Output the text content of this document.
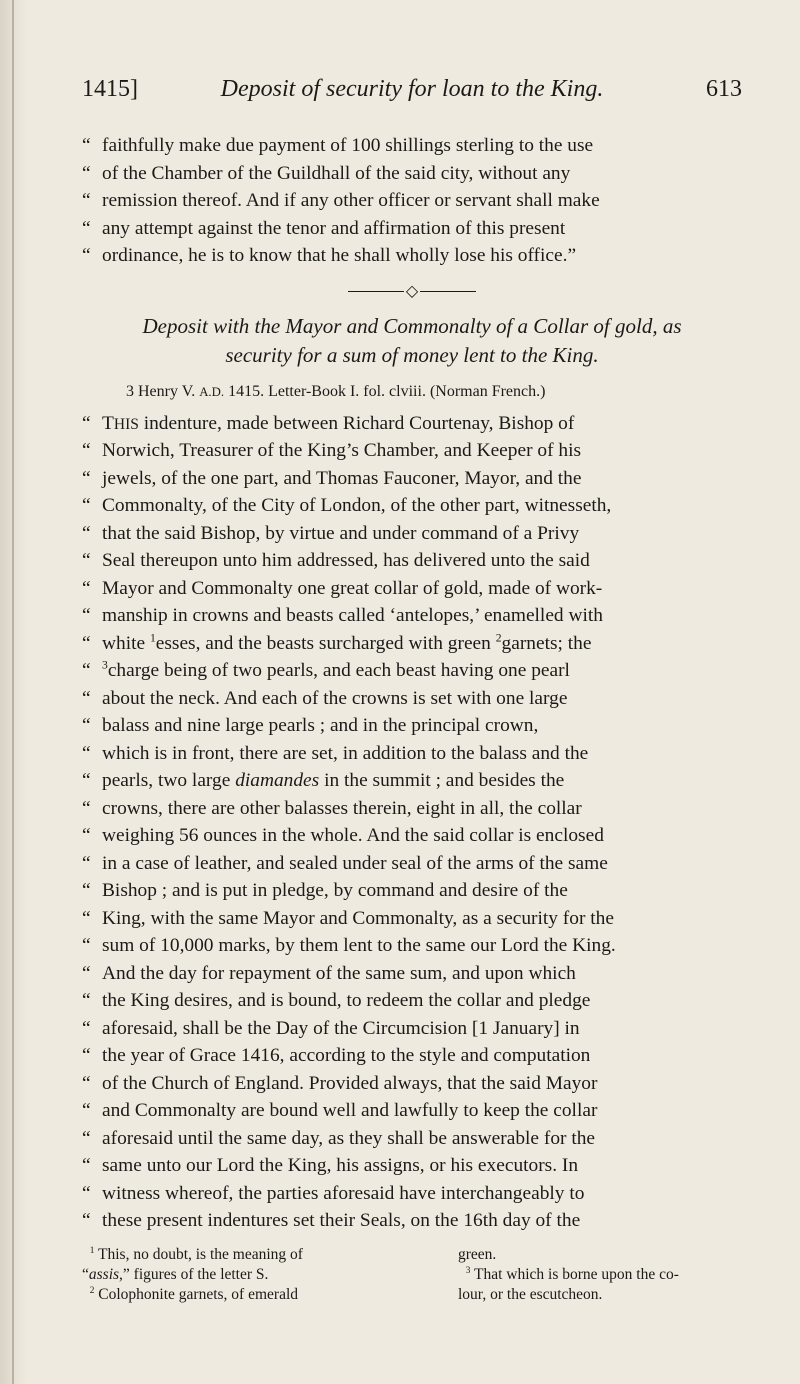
1415]	Deposit of security for loan to the King.	613
“ faithfully make due payment of 100 shillings sterling to the use
“ of the Chamber of the Guildhall of the said city, without any
“ remission thereof. And if any other officer or servant shall make
“ any attempt against the tenor and affirmation of this present
“ ordinance, he is to know that he shall wholly lose his office.”
◇
Deposit with the Mayor and Commonalty of a Collar of gold, as
security for a sum of money lent to the King.
3 Henry V. A.D. 1415. Letter-Book I. fol. clviii. (Norman French.)
“ THIS indenture, made between Richard Courtenay, Bishop of
“ Norwich, Treasurer of the King’s Chamber, and Keeper of his
“ jewels, of the one part, and Thomas Fauconer, Mayor, and the
“ Commonalty, of the City of London, of the other part, witnesseth,
“ that the said Bishop, by virtue and under command of a Privy
“ Seal thereupon unto him addressed, has delivered unto the said
“ Mayor and Commonalty one great collar of gold, made of work-
“ manship in crowns and beasts called ‘antelopes,’ enamelled with
“ white $^1$esses, and the beasts surcharged with green $^2$garnets; the
“ $^3$charge being of two pearls, and each beast having one pearl
“ about the neck. And each of the crowns is set with one large
“ balass and nine large pearls ; and in the principal crown,
“ which is in front, there are set, in addition to the balass and the
“ pearls, two large diamandes in the summit ; and besides the
“ crowns, there are other balasses therein, eight in all, the collar
“ weighing 56 ounces in the whole. And the said collar is enclosed
“ in a case of leather, and sealed under seal of the arms of the same
“ Bishop ; and is put in pledge, by command and desire of the
“ King, with the same Mayor and Commonalty, as a security for the
“ sum of 10,000 marks, by them lent to the same our Lord the King.
“ And the day for repayment of the same sum, and upon which
“ the King desires, and is bound, to redeem the collar and pledge
“ aforesaid, shall be the Day of the Circumcision [1 January] in
“ the year of Grace 1416, according to the style and computation
“ of the Church of England. Provided always, that the said Mayor
“ and Commonalty are bound well and lawfully to keep the collar
“ aforesaid until the same day, as they shall be answerable for the
“ same unto our Lord the King, his assigns, or his executors. In
“ witness whereof, the parties aforesaid have interchangeably to
“ these present indentures set their Seals, on the 16th day of the
$^1$ This, no doubt, is the meaning of
“assis,” figures of the letter S.
$^2$ Colophonite garnets, of emerald
green.
$^3$ That which is borne upon the co-
lour, or the escutcheon.
